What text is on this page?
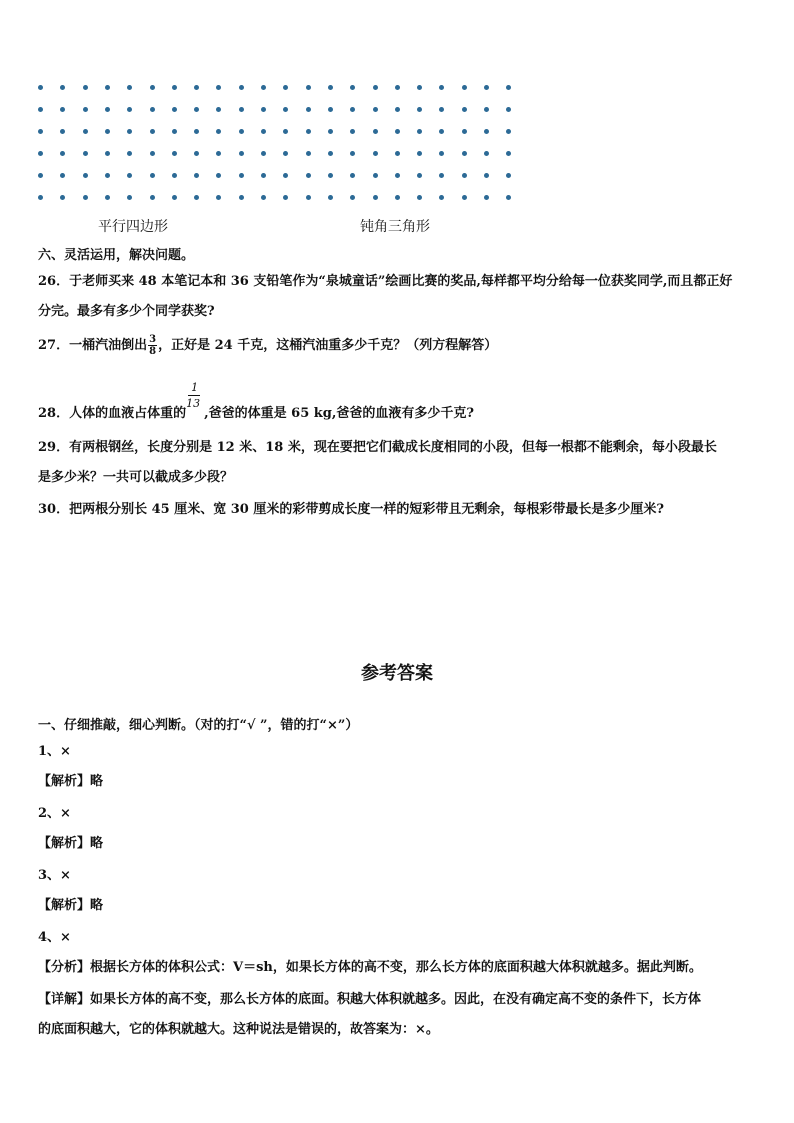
平行四边形	钝角三角形
六、灵活运用，解决问题。
26．于老师买来 48 本笔记本和 36 支铅笔作为“泉城童话”绘画比赛的奖品,每样都平均分给每一位获奖同学,而且都正好
分完。最多有多少个同学获奖?
27．一桶汽油倒出 $\frac{3}{8}$ ，正好是 24 千克，这桶汽油重多少千克？（列方程解答）
28．人体的血液占体重的 $\frac{1}{13}$ ,爸爸的体重是 65 kg,爸爸的血液有多少千克?
29．有两根钢丝，长度分别是 12 米、18 米，现在要把它们截成长度相同的小段，但每一根都不能剩余，每小段最长
是多少米？一共可以截成多少段？
30．把两根分别长 45 厘米、宽 30 厘米的彩带剪成长度一样的短彩带且无剩余，每根彩带最长是多少厘米?
参考答案
一、仔细推敲，细心判断。（对的打“√ ”，错的打“×”）
1、×
【解析】略
2、×
【解析】略
3、×
【解析】略
4、×
【分析】根据长方体的体积公式：V＝sh，如果长方体的高不变，那么长方体的底面积越大体积就越多。据此判断。
【详解】如果长方体的高不变，那么长方体的底面。积越大体积就越多。因此，在没有确定高不变的条件下，长方体
的底面积越大，它的体积就越大。这种说法是错误的，故答案为：×。
